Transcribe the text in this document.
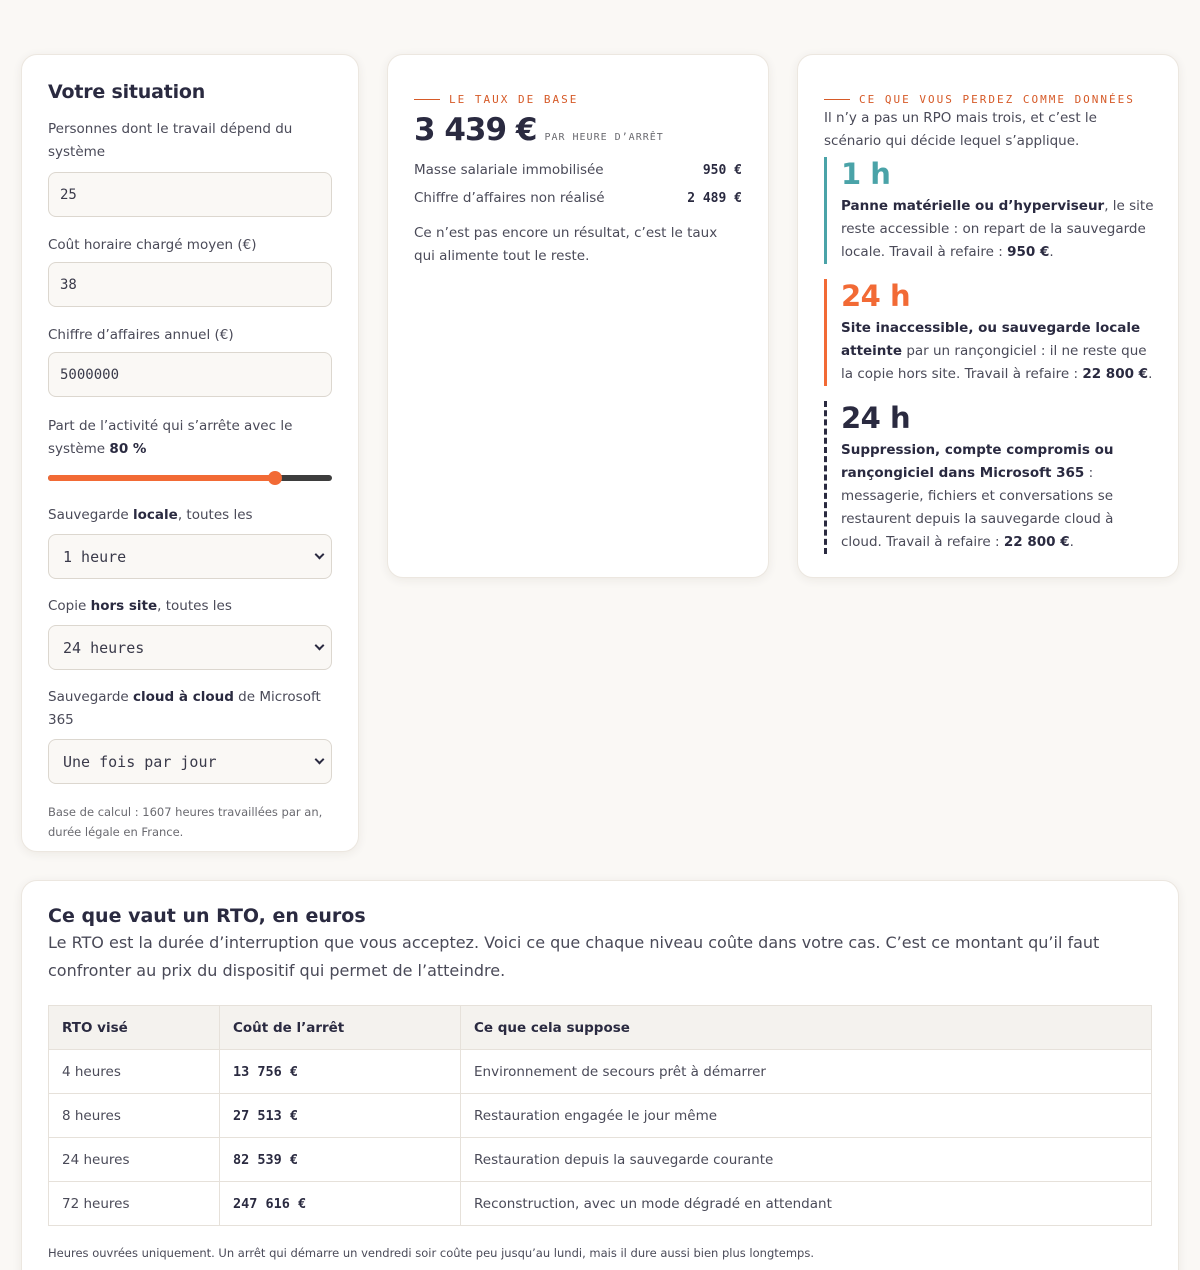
Votre situation
Personnes dont le travail dépend du système
25
Coût horaire chargé moyen (€)
38
Chiffre d’affaires annuel (€)
5000000
Part de l’activité qui s’arrête avec le système 80 %
Sauvegarde locale, toutes les
1 heure
Copie hors site, toutes les
24 heures
Sauvegarde cloud à cloud de Microsoft 365
Une fois par jour
Base de calcul : 1607 heures travaillées par an, durée légale en France.
LE TAUX DE BASE
3 439 € PAR HEURE D’ARRÊT
Masse salariale immobilisée	950 €
Chiffre d’affaires non réalisé	2 489 €
Ce n’est pas encore un résultat, c’est le taux qui alimente tout le reste.
CE QUE VOUS PERDEZ COMME DONNÉES
Il n’y a pas un RPO mais trois, et c’est le scénario qui décide lequel s’applique.
1 h
Panne matérielle ou d’hyperviseur, le site reste accessible : on repart de la sauvegarde locale. Travail à refaire : 950 €.
24 h
Site inaccessible, ou sauvegarde locale atteinte par un rançongiciel : il ne reste que la copie hors site. Travail à refaire : 22 800 €.
24 h
Suppression, compte compromis ou rançongiciel dans Microsoft 365 : messagerie, fichiers et conversations se restaurent depuis la sauvegarde cloud à cloud. Travail à refaire : 22 800 €.
Ce que vaut un RTO, en euros
Le RTO est la durée d’interruption que vous acceptez. Voici ce que chaque niveau coûte dans votre cas. C’est ce montant qu’il faut confronter au prix du dispositif qui permet de l’atteindre.
RTO visé	Coût de l’arrêt	Ce que cela suppose
4 heures	13 756 €	Environnement de secours prêt à démarrer
8 heures	27 513 €	Restauration engagée le jour même
24 heures	82 539 €	Restauration depuis la sauvegarde courante
72 heures	247 616 €	Reconstruction, avec un mode dégradé en attendant
Heures ouvrées uniquement. Un arrêt qui démarre un vendredi soir coûte peu jusqu’au lundi, mais il dure aussi bien plus longtemps.
